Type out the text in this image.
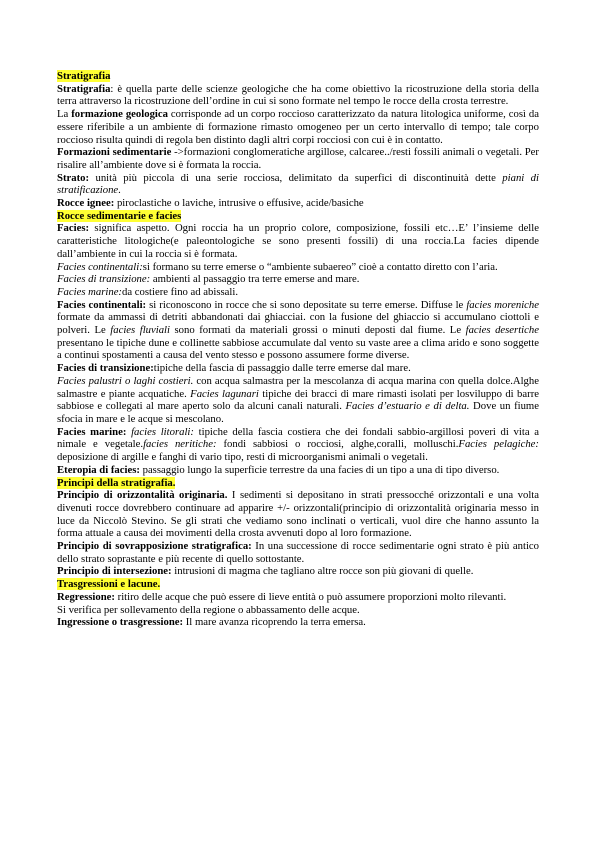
Stratigrafia

Stratigrafia: è quella parte delle scienze geologiche che ha come obiettivo la ricostruzione della storia della terra attraverso la ricostruzione dell’ordine in cui si sono formate nel tempo le rocce della crosta terrestre.

La formazione geologica corrisponde ad un corpo roccioso caratterizzato da natura litologica uniforme, così da essere riferibile a un ambiente di formazione rimasto omogeneo per un certo intervallo di tempo; tale corpo roccioso risulta quindi di regola ben distinto dagli altri corpi rocciosi con cui è in contatto.

Formazioni sedimentarie ->formazioni conglomeratiche argillose, calcaree../resti fossili animali o vegetali. Per risalire all’ambiente dove si è formata la roccia.

Strato: unità più piccola di una serie rocciosa, delimitato da superfici di discontinuità dette piani di stratificazione.

Rocce ignee: piroclastiche o laviche, intrusive o effusive, acide/basiche

Rocce sedimentarie e facies

Facies: significa aspetto. Ogni roccia ha un proprio colore, composizione, fossili etc…E’ l’insieme delle caratteristiche litologiche(e paleontologiche se sono presenti fossili) di una roccia.La facies dipende dall’ambiente in cui la roccia si è formata.

Facies continentali:si formano su terre emerse o “ambiente subaereo” cioè a contatto diretto con l’aria.

Facies di transizione: ambienti al passaggio tra terre emerse and mare.

Facies marine:da costiere fino ad abissali.

Facies continentali: si riconoscono in rocce che si sono depositate su terre emerse. Diffuse le facies moreniche formate da ammassi di detriti abbandonati dai ghiacciai. con la fusione del ghiaccio si accumulano ciottoli e polveri. Le facies fluviali sono formati da materiali grossi o minuti deposti dal fiume. Le facies desertiche presentano le tipiche dune e collinette sabbiose accumulate dal vento su vaste aree a clima arido e sono soggette a continui spostamenti a causa del vento stesso e possono assumere forme diverse.

Facies di transizione:tipiche della fascia di passaggio dalle terre emerse dal mare.

Facies palustri o laghi costieri. con acqua salmastra per la mescolanza di acqua marina con quella dolce.Alghe salmastre e piante acquatiche. Facies lagunari tipiche dei bracci di mare rimasti isolati per losviluppo di barre sabbiose e collegati al mare aperto solo da alcuni canali naturali. Facies d’estuario e di delta. Dove un fiume sfocia in mare e le acque si mescolano.

Facies marine: facies litorali: tipiche della fascia costiera che dei fondali sabbio-argillosi poveri di vita a nimale e vegetale.facies neritiche: fondi sabbiosi o rocciosi, alghe,coralli, molluschi.Facies pelagiche: deposizione di argille e fanghi di vario tipo, resti di microorganismi animali o vegetali.

Eteropia di facies: passaggio lungo la superficie terrestre da una facies di un tipo a una di tipo diverso.

Principi della stratigrafia.

Principio di orizzontalità originaria. I sedimenti si depositano in strati pressocché orizzontali e una volta divenuti rocce dovrebbero continuare ad apparire +/- orizzontali(principio di orizzontalità originaria messo in luce da Niccolò Stevino. Se gli strati che vediamo sono inclinati o verticali, vuol dire che hanno assunto la forma attuale a causa dei movimenti della crosta avvenuti dopo al loro formazione.

Principio di sovrapposizione stratigrafica: In una successione di rocce sedimentarie ogni strato è più antico dello strato soprastante e più recente di quello sottostante.

Principio di intersezione: intrusioni di magma che tagliano altre rocce son più giovani di quelle.

Trasgressioni e lacune.

Regressione: ritiro delle acque che può essere di lieve entità o può assumere proporzioni molto rilevanti.

Si verifica per sollevamento della regione o abbassamento delle acque.

Ingressione o trasgressione: Il mare avanza ricoprendo la terra emersa.
